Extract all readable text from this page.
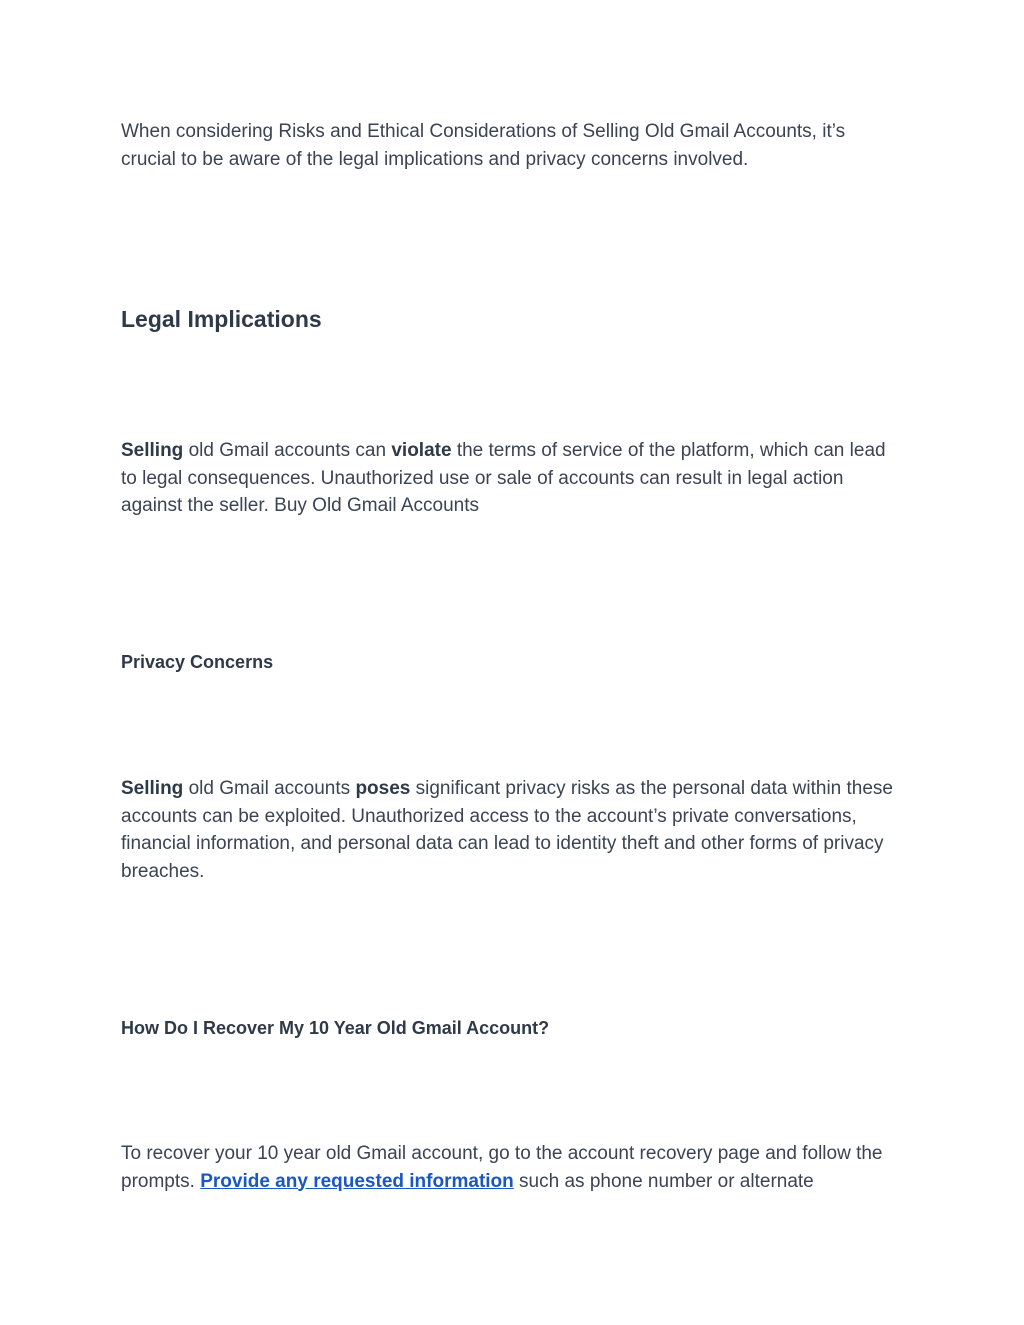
When considering Risks and Ethical Considerations of Selling Old Gmail Accounts, it’s crucial to be aware of the legal implications and privacy concerns involved.

Legal Implications

Selling old Gmail accounts can violate the terms of service of the platform, which can lead to legal consequences. Unauthorized use or sale of accounts can result in legal action against the seller. Buy Old Gmail Accounts

Privacy Concerns

Selling old Gmail accounts poses significant privacy risks as the personal data within these accounts can be exploited. Unauthorized access to the account’s private conversations, financial information, and personal data can lead to identity theft and other forms of privacy breaches.

How Do I Recover My 10 Year Old Gmail Account?

To recover your 10 year old Gmail account, go to the account recovery page and follow the prompts. Provide any requested information such as phone number or alternate
